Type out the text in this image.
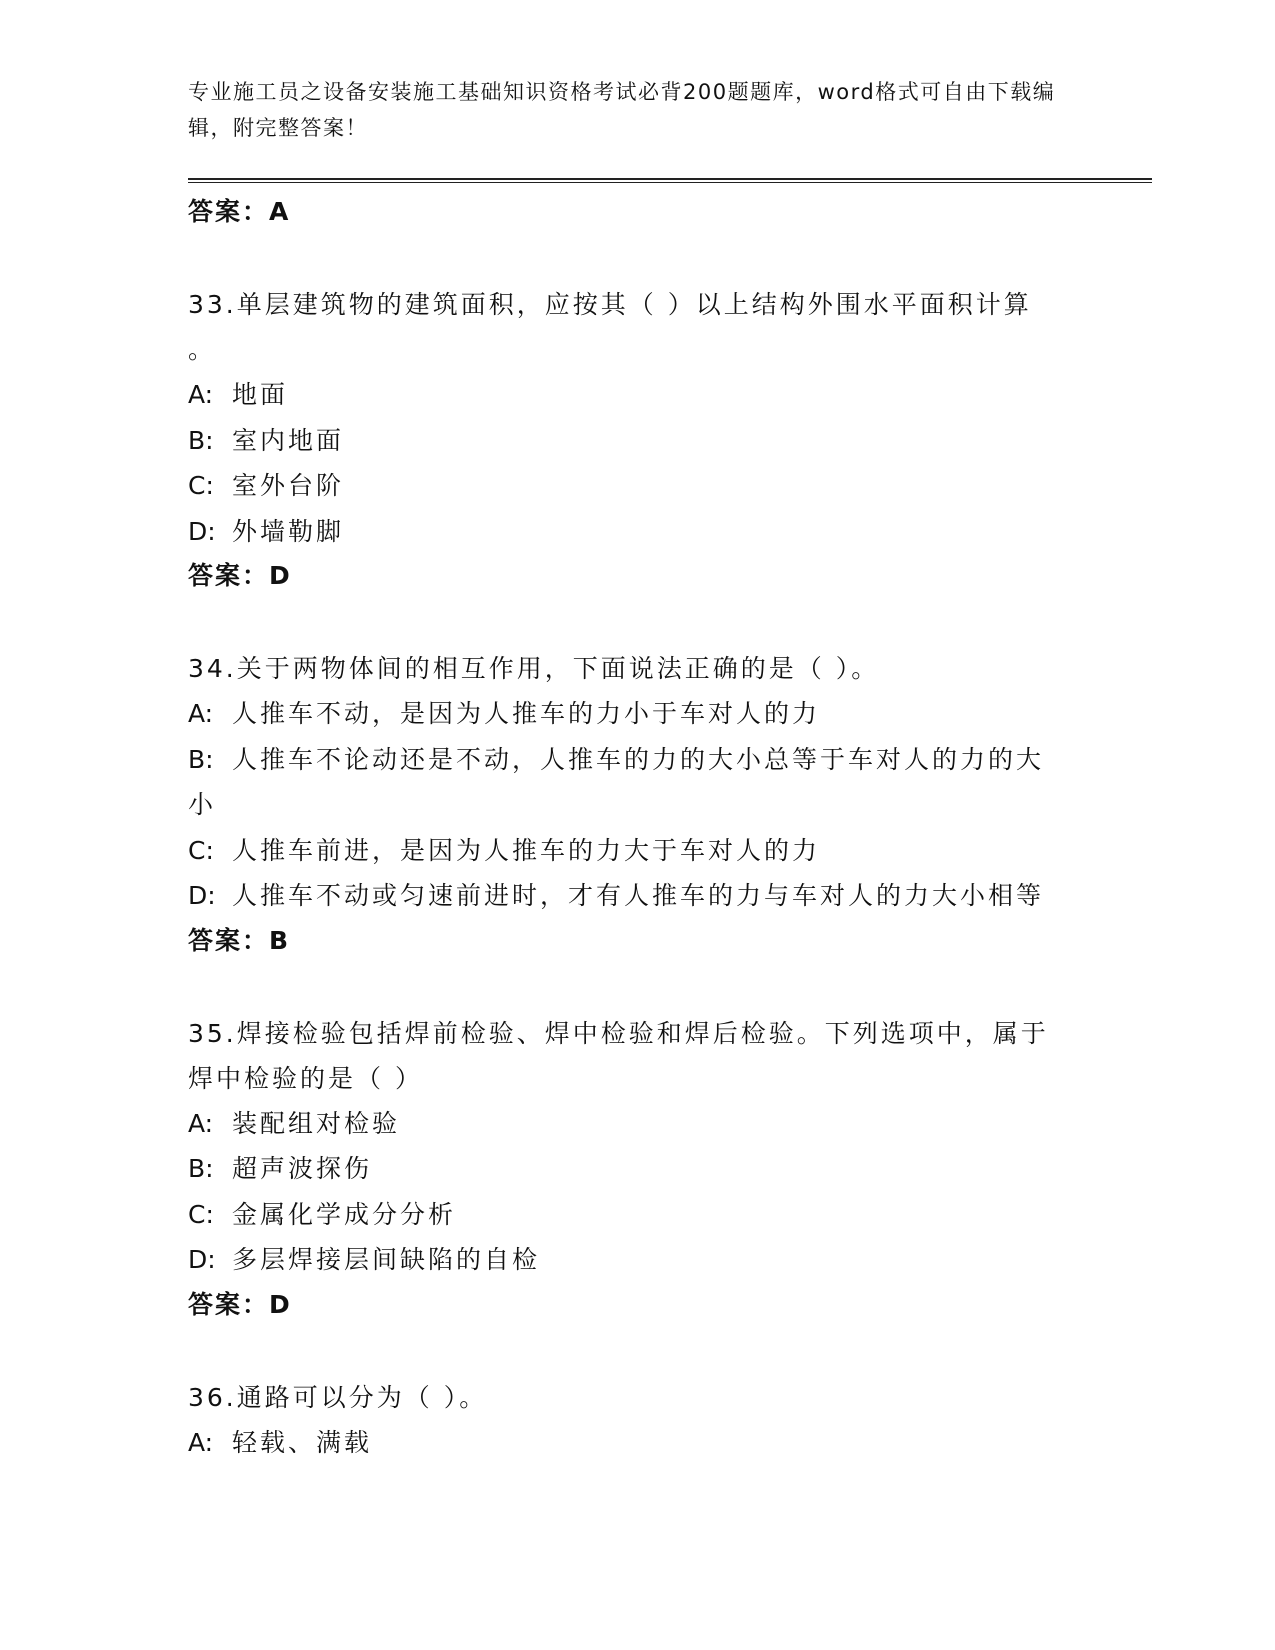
专业施工员之设备安装施工基础知识资格考试必背200题题库，word格式可自由下载编辑，附完整答案！
答案：A
33.单层建筑物的建筑面积，应按其（ ）以上结构外围水平面积计算
。
A: 地面
B: 室内地面
C: 室外台阶
D: 外墙勒脚
答案：D
34.关于两物体间的相互作用，下面说法正确的是（ ）。
A: 人推车不动，是因为人推车的力小于车对人的力
B: 人推车不论动还是不动，人推车的力的大小总等于车对人的力的大
小
C: 人推车前进，是因为人推车的力大于车对人的力
D: 人推车不动或匀速前进时，才有人推车的力与车对人的力大小相等
答案：B
35.焊接检验包括焊前检验、焊中检验和焊后检验。下列选项中，属于
焊中检验的是（ ）
A: 装配组对检验
B: 超声波探伤
C: 金属化学成分分析
D: 多层焊接层间缺陷的自检
答案：D
36.通路可以分为（ ）。
A: 轻载、满载
